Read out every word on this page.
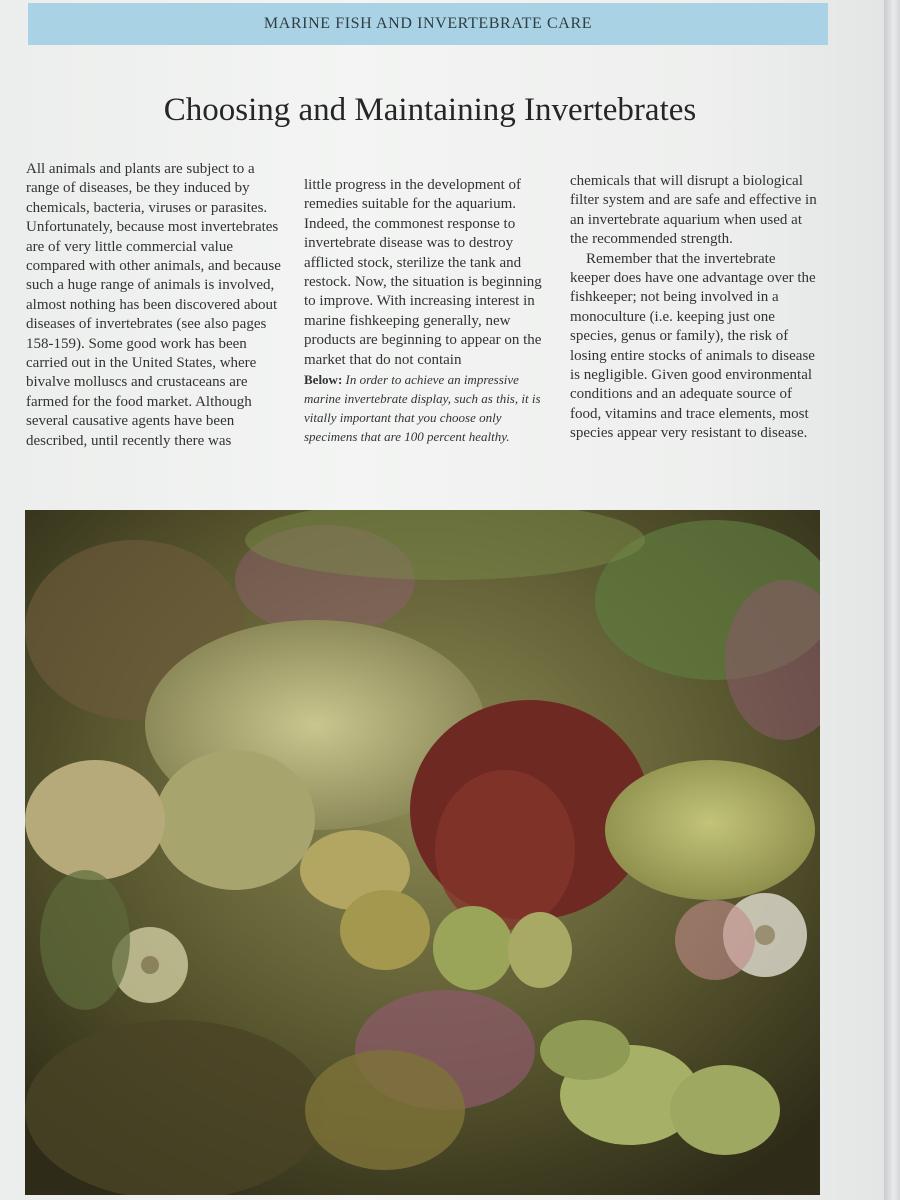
MARINE FISH AND INVERTEBRATE CARE
Choosing and Maintaining Invertebrates

All animals and plants are subject to a range of diseases, be they induced by chemicals, bacteria, viruses or parasites. Unfortunately, because most invertebrates are of very little commercial value compared with other animals, and because such a huge range of animals is involved, almost nothing has been discovered about diseases of invertebrates (see also pages 158-159). Some good work has been carried out in the United States, where bivalve molluscs and crustaceans are farmed for the food market. Although several causative agents have been described, until recently there was

little progress in the development of remedies suitable for the aquarium. Indeed, the commonest response to invertebrate disease was to destroy afflicted stock, sterilize the tank and restock. Now, the situation is beginning to improve. With increasing interest in marine fishkeeping generally, new products are beginning to appear on the market that do not contain

Below: In order to achieve an impressive marine invertebrate display, such as this, it is vitally important that you choose only specimens that are 100 percent healthy.

chemicals that will disrupt a biological filter system and are safe and effective in an invertebrate aquarium when used at the recommended strength.

Remember that the invertebrate keeper does have one advantage over the fishkeeper; not being involved in a monoculture (i.e. keeping just one species, genus or family), the risk of losing entire stocks of animals to disease is negligible. Given good environmental conditions and an adequate source of food, vitamins and trace elements, most species appear very resistant to disease.
